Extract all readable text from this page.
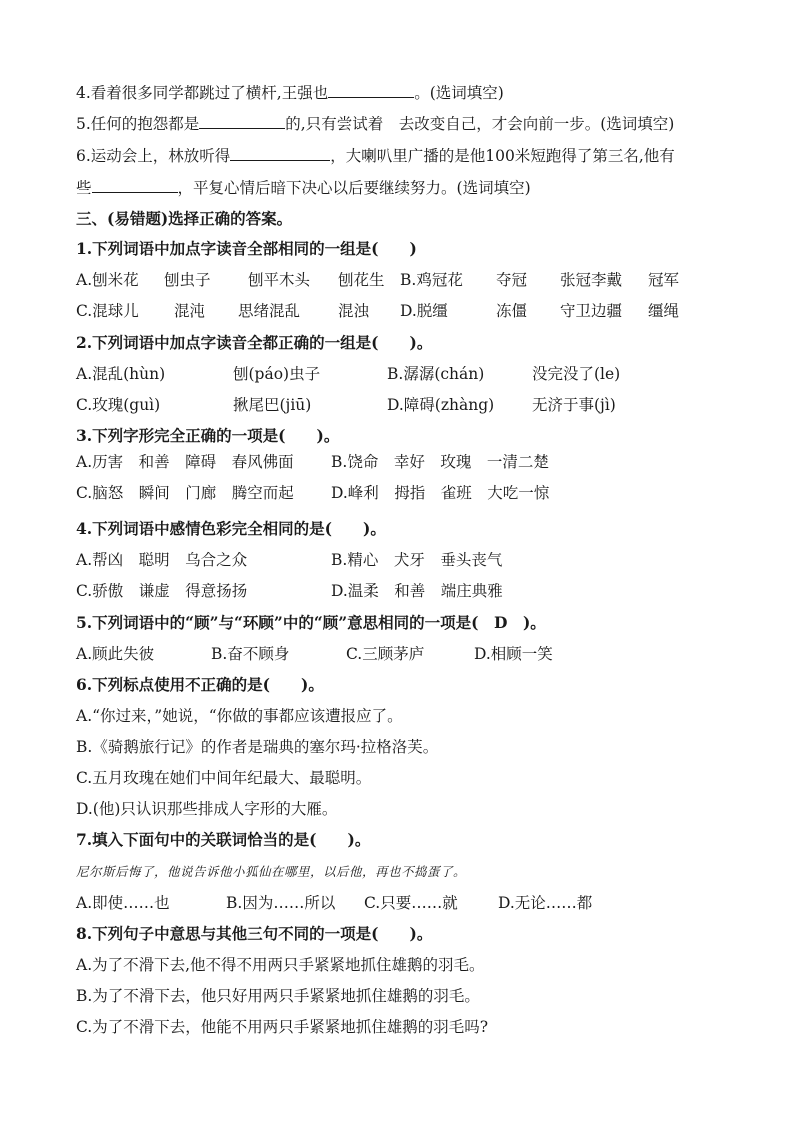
4.看着很多同学都跳过了横杆,王强也	。(选词填空)
5.任何的抱怨都是	的,只有尝试着　去改变自己，才会向前一步。(选词填空)
6.运动会上，林放听得	，大喇叭里广播的是他100米短跑得了第三名,他有
些	，平复心情后暗下决心以后要继续努力。(选词填空)
三、(易错题)选择正确的答案。
1.下列词语中加点字读音全部相同的一组是(　　)
A.刨米花 刨虫子 刨平木头 刨花生 B.鸡冠花 夺冠 张冠李戴 冠军
C.混球儿 混沌 思绪混乱 混浊 D.脱缰	冻僵 守卫边疆 缰绳
2.下列词语中加点字读音全都正确的一组是(　　)。
A.混乱(hùn)	刨(páo)虫子	B.潺潺(chán)	没完没了(le)
C.玫瑰(guì)	揪尾巴(jiū)	D.障碍(zhàng) 无济于事(jì)
3.下列字形完全正确的一项是(　　)。
A.历害　和善　障碍　春风佛面 B.饶命　幸好　玫瑰　一清二楚
C.脑怒　瞬间　门廊　腾空而起 D.峰利　拇指　雀班　大吃一惊
4.下列词语中感情色彩完全相同的是(　　)。
A.帮凶　聪明　乌合之众	B.精心　犬牙　垂头丧气
C.骄傲　谦虚　得意扬扬	D.温柔　和善　端庄典雅
5.下列词语中的“顾”与“环顾”中的“顾”意思相同的一项是(　D　)。
A.顾此失彼	B.奋不顾身	C.三顾茅庐	D.相顾一笑
6.下列标点使用不正确的是(　　)。
A.“你过来，”她说，“你做的事都应该遭报应了。
B.《骑鹅旅行记》的作者是瑞典的塞尔玛·拉格洛芙。
C.五月玫瑰在她们中间年纪最大、最聪明。
D.(他)只认识那些排成人字形的大雁。
7.填入下面句中的关联词恰当的是(　　)。
尼尔斯后悔了，他说告诉他小狐仙在哪里，以后他，再也不捣蛋了。
A.即使……也	B.因为……所以 C.只要……就	D.无论……都
8.下列句子中意思与其他三句不同的一项是(　　)。
A.为了不滑下去,他不得不用两只手紧紧地抓住雄鹅的羽毛。
B.为了不滑下去，他只好用两只手紧紧地抓住雄鹅的羽毛。
C.为了不滑下去，他能不用两只手紧紧地抓住雄鹅的羽毛吗?
